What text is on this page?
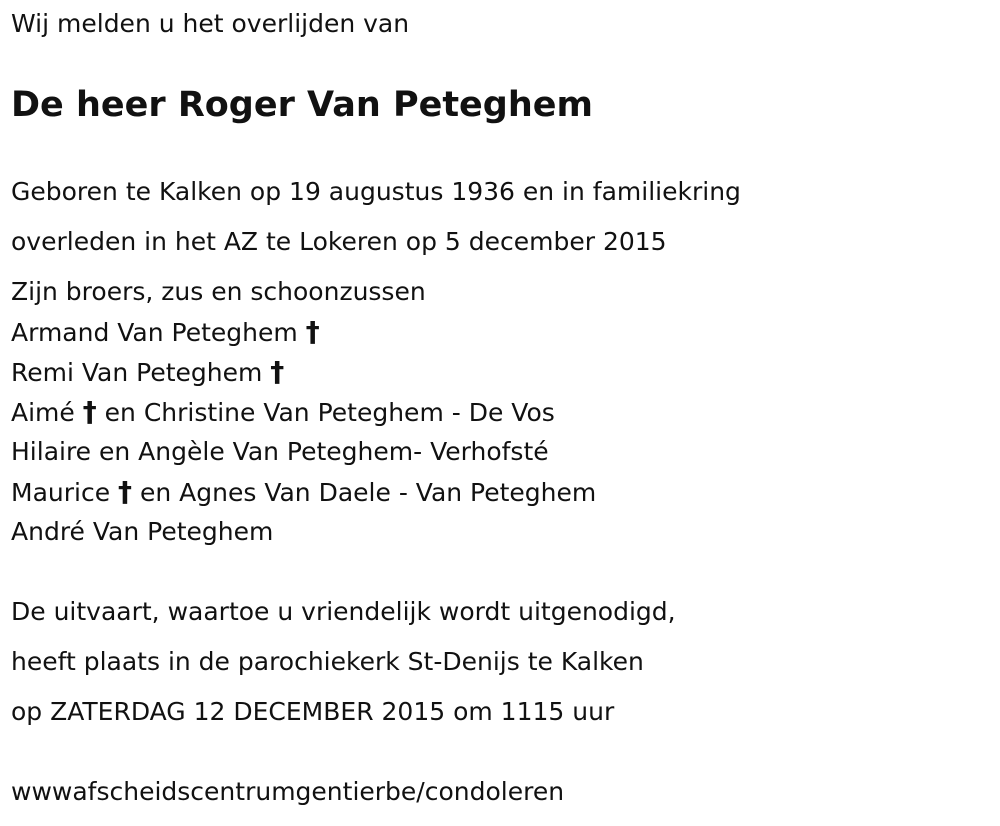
Wij melden u het overlijden van
De heer Roger Van Peteghem
Geboren te Kalken op 19 augustus 1936 en in familiekring
overleden in het AZ te Lokeren op 5 december 2015
Zijn broers, zus en schoonzussen
Armand Van Peteghem †
Remi Van Peteghem †
Aimé † en Christine Van Peteghem - De Vos
Hilaire en Angèle Van Peteghem- Verhofsté
Maurice † en Agnes Van Daele - Van Peteghem
André Van Peteghem
De uitvaart, waartoe u vriendelijk wordt uitgenodigd,
heeft plaats in de parochiekerk St-Denijs te Kalken
op ZATERDAG 12 DECEMBER 2015 om 1115 uur
wwwafscheidscentrumgentierbe/condoleren
